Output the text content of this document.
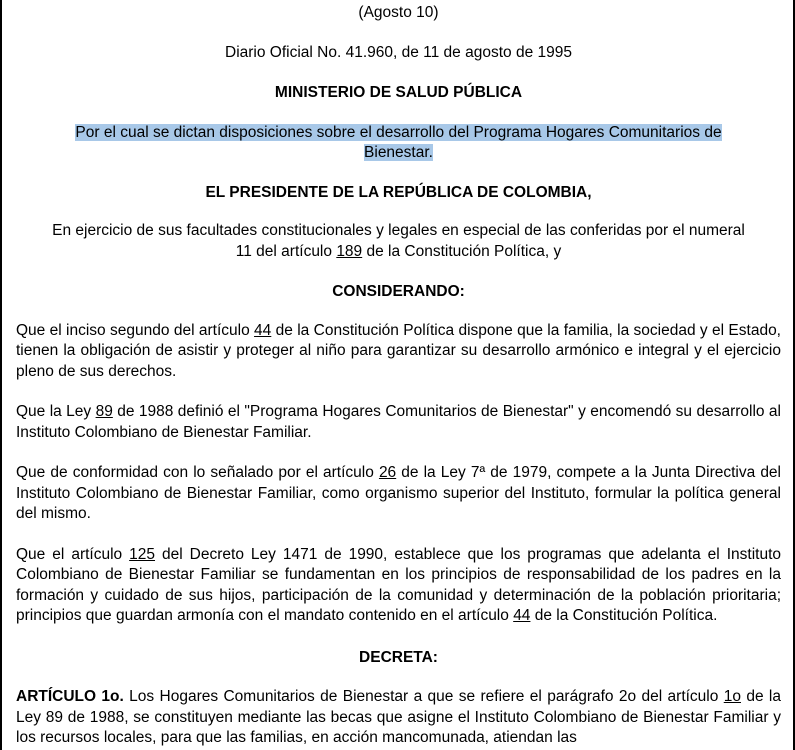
(Agosto 10)

Diario Oficial No. 41.960, de 11 de agosto de 1995

MINISTERIO DE SALUD PÚBLICA

Por el cual se dictan disposiciones sobre el desarrollo del Programa Hogares Comunitarios de
Bienestar.

EL PRESIDENTE DE LA REPÚBLICA DE COLOMBIA,

En ejercicio de sus facultades constitucionales y legales en especial de las conferidas por el numeral
11 del artículo 189 de la Constitución Política, y

CONSIDERANDO:

Que el inciso segundo del artículo 44 de la Constitución Política dispone que la familia, la sociedad y el Estado, tienen la obligación de asistir y proteger al niño para garantizar su desarrollo armónico e integral y el ejercicio pleno de sus derechos.

Que la Ley 89 de 1988 definió el "Programa Hogares Comunitarios de Bienestar" y encomendó su desarrollo al Instituto Colombiano de Bienestar Familiar.

Que de conformidad con lo señalado por el artículo 26 de la Ley 7ª de 1979, compete a la Junta Directiva del Instituto Colombiano de Bienestar Familiar, como organismo superior del Instituto, formular la política general del mismo.

Que el artículo 125 del Decreto Ley 1471 de 1990, establece que los programas que adelanta el Instituto Colombiano de Bienestar Familiar se fundamentan en los principios de responsabilidad de los padres en la formación y cuidado de sus hijos, participación de la comunidad y determinación de la población prioritaria; principios que guardan armonía con el mandato contenido en el artículo 44 de la Constitución Política.

DECRETA:

ARTÍCULO 1o. Los Hogares Comunitarios de Bienestar a que se refiere el parágrafo 2o del artículo 1o de la Ley 89 de 1988, se constituyen mediante las becas que asigne el Instituto Colombiano de Bienestar Familiar y los recursos locales, para que las familias, en acción mancomunada, atiendan las
